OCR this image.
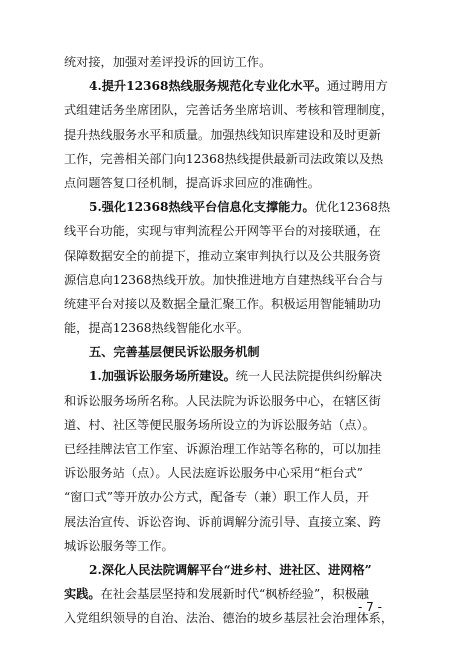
统对接，加强对差评投诉的回访工作。
4.提升12368热线服务规范化专业化水平。通过聘用方
式组建话务坐席团队，完善话务坐席培训、考核和管理制度，
提升热线服务水平和质量。加强热线知识库建设和及时更新
工作，完善相关部门向12368热线提供最新司法政策以及热
点问题答复口径机制，提高诉求回应的准确性。
5.强化12368热线平台信息化支撑能力。优化12368热
线平台功能，实现与审判流程公开网等平台的对接联通，在
保障数据安全的前提下，推动立案审判执行以及公共服务资
源信息向12368热线开放。加快推进地方自建热线平台合与
统建平台对接以及数据全量汇聚工作。积极运用智能辅助功
能，提高12368热线智能化水平。
五、完善基层便民诉讼服务机制
1.加强诉讼服务场所建设。统一人民法院提供纠纷解决
和诉讼服务场所名称。人民法院为诉讼服务中心，在辖区街
道、村、社区等便民服务场所设立的为诉讼服务站（点）。
已经挂牌法官工作室、诉源治理工作站等名称的，可以加挂
诉讼服务站（点）。人民法庭诉讼服务中心采用“柜台式”
“窗口式”等开放办公方式，配备专（兼）职工作人员，开
展法治宣传、诉讼咨询、诉前调解分流引导、直接立案、跨
城诉讼服务等工作。
2.深化人民法院调解平台“进乡村、进社区、进网格”
实践。在社会基层坚持和发展新时代“枫桥经验”，积极融
入党组织领导的自治、法治、德治的坡乡基层社会治理体系，
- 7 -
